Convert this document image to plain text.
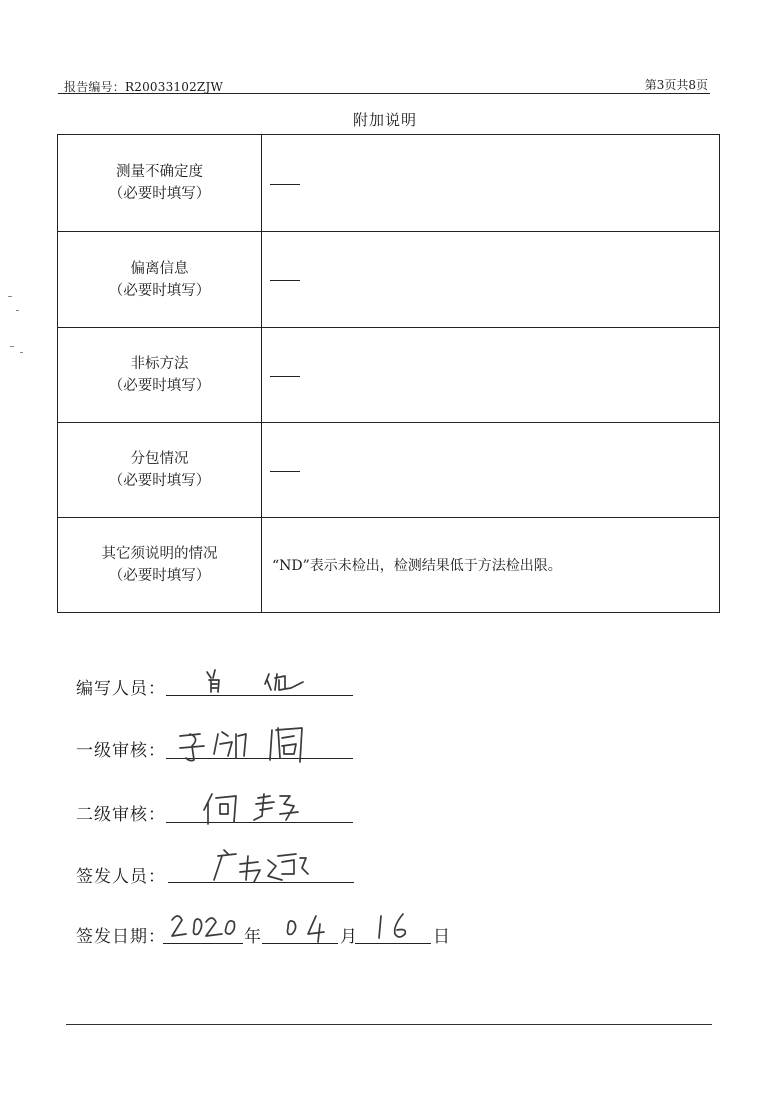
报告编号：R20033102ZJW	第3页共8页
附加说明
测量不确定度
（必要时填写）	

偏离信息
（必要时填写）	

非标方法
（必要时填写）	

分包情况
（必要时填写）	

其它须说明的情况
（必要时填写）	“ND”表示未检出，检测结果低于方法检出限。
编写人员：
一级审核：
二级审核：
签发人员：
签发日期：	年	月	日
